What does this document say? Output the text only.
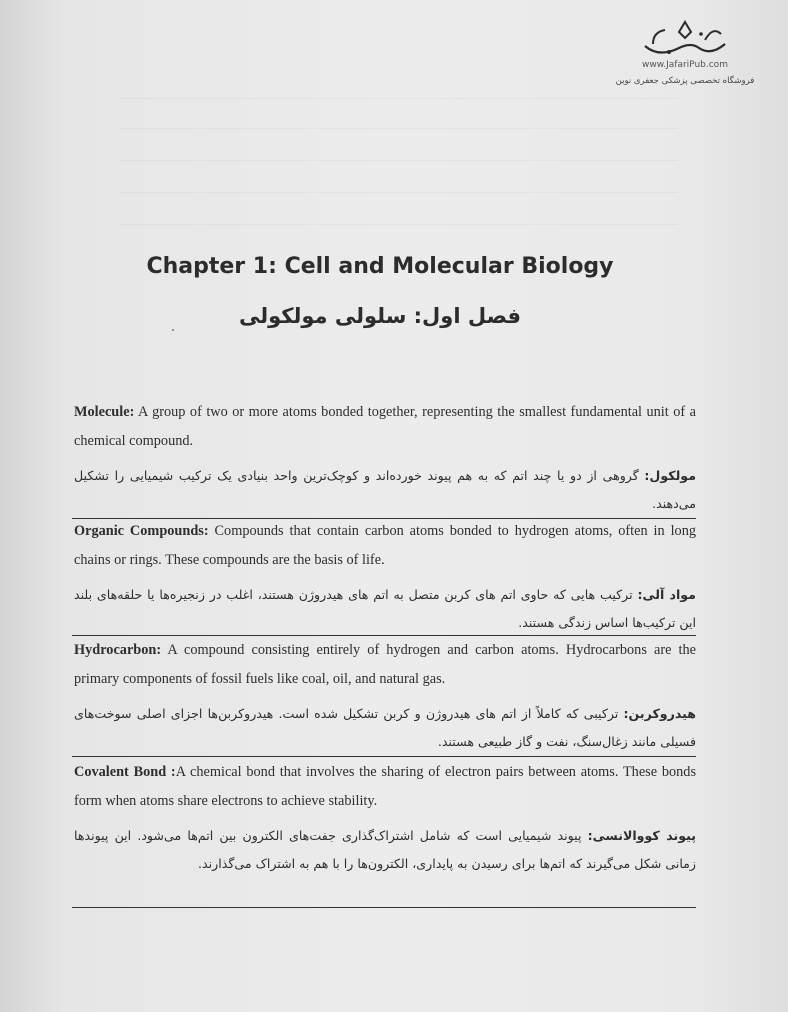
www.JafariPub.com
فروشگاه تخصصی پزشکی جعفری نوین
Chapter 1: Cell and Molecular Biology
فصل اول: سلولی مولکولی
Molecule: A group of two or more atoms bonded together, representing the smallest fundamental unit of a chemical compound.
مولکول: گروهی از دو یا چند اتم که به هم پیوند خورده‌اند و کوچک‌ترین واحد بنیادی یک ترکیب شیمیایی را تشکیل می‌دهند.
Organic Compounds: Compounds that contain carbon atoms bonded to hydrogen atoms, often in long chains or rings. These compounds are the basis of life.
مواد آلی: ترکیب هایی که حاوی اتم های کربن متصل به اتم های هیدروژن هستند، اغلب در زنجیره‌ها یا حلقه‌های بلند این ترکیب‌ها اساس زندگی هستند.
Hydrocarbon: A compound consisting entirely of hydrogen and carbon atoms. Hydrocarbons are the primary components of fossil fuels like coal, oil, and natural gas.
هیدروکربن: ترکیبی که کاملاً از اتم های هیدروژن و کربن تشکیل شده است. هیدروکربن‌ها اجزای اصلی سوخت‌های فسیلی مانند زغال‌سنگ، نفت و گاز طبیعی هستند.
Covalent Bond :A chemical bond that involves the sharing of electron pairs between atoms. These bonds form when atoms share electrons to achieve stability.
پیوند کووالانسی: پیوند شیمیایی است که شامل اشتراک‌گذاری جفت‌های الکترون بین اتم‌ها می‌شود. این پیوندها زمانی شکل می‌گیرند که اتم‌ها برای رسیدن به پایداری، الکترون‌ها را با هم به اشتراک می‌گذارند.
